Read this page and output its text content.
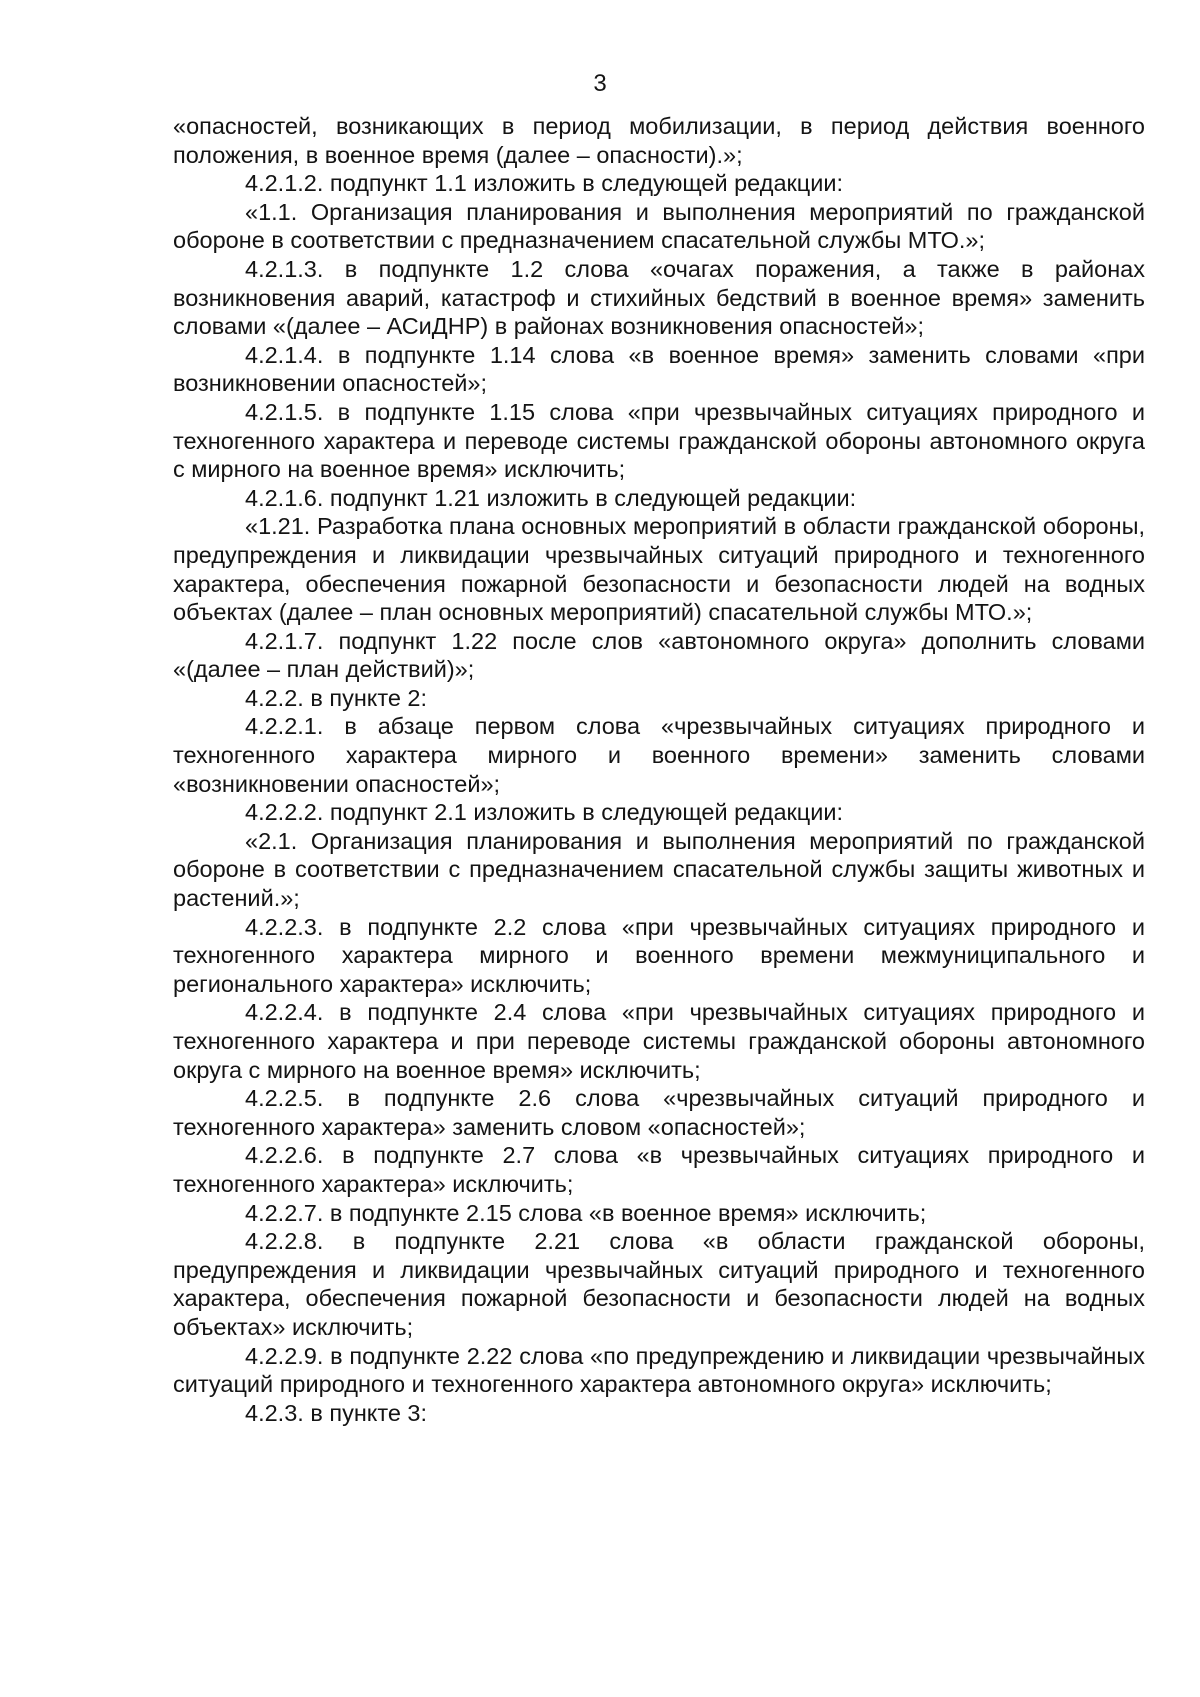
3

«опасностей, возникающих в период мобилизации, в период действия военного положения, в военное время (далее – опасности).»;

4.2.1.2. подпункт 1.1 изложить в следующей редакции:

«1.1. Организация планирования и выполнения мероприятий по гражданской обороне в соответствии с предназначением спасательной службы МТО.»;

4.2.1.3. в подпункте 1.2 слова «очагах поражения, а также в районах возникновения аварий, катастроф и стихийных бедствий в военное время» заменить словами «(далее – АСиДНР) в районах возникновения опасностей»;

4.2.1.4. в подпункте 1.14 слова «в военное время» заменить словами «при возникновении опасностей»;

4.2.1.5. в подпункте 1.15 слова «при чрезвычайных ситуациях природного и техногенного характера и переводе системы гражданской обороны автономного округа с мирного на военное время» исключить;

4.2.1.6. подпункт 1.21 изложить в следующей редакции:

«1.21. Разработка плана основных мероприятий в области гражданской обороны, предупреждения и ликвидации чрезвычайных ситуаций природного и техногенного характера, обеспечения пожарной безопасности и безопасности людей на водных объектах (далее – план основных мероприятий) спасательной службы МТО.»;

4.2.1.7. подпункт 1.22 после слов «автономного округа» дополнить словами «(далее – план действий)»;

4.2.2. в пункте 2:

4.2.2.1. в абзаце первом слова «чрезвычайных ситуациях природного и техногенного характера мирного и военного времени» заменить словами «возникновении опасностей»;

4.2.2.2. подпункт 2.1 изложить в следующей редакции:

«2.1. Организация планирования и выполнения мероприятий по гражданской обороне в соответствии с предназначением спасательной службы защиты животных и растений.»;

4.2.2.3. в подпункте 2.2 слова «при чрезвычайных ситуациях природного и техногенного характера мирного и военного времени межмуниципального и регионального характера» исключить;

4.2.2.4. в подпункте 2.4 слова «при чрезвычайных ситуациях природного и техногенного характера и при переводе системы гражданской обороны автономного округа с мирного на военное время» исключить;

4.2.2.5. в подпункте 2.6 слова «чрезвычайных ситуаций природного и техногенного характера» заменить словом «опасностей»;

4.2.2.6. в подпункте 2.7 слова «в чрезвычайных ситуациях природного и техногенного характера» исключить;

4.2.2.7. в подпункте 2.15 слова «в военное время» исключить;

4.2.2.8. в подпункте 2.21 слова «в области гражданской обороны, предупреждения и ликвидации чрезвычайных ситуаций природного и техногенного характера, обеспечения пожарной безопасности и безопасности людей на водных объектах» исключить;

4.2.2.9. в подпункте 2.22 слова «по предупреждению и ликвидации чрезвычайных ситуаций природного и техногенного характера автономного округа» исключить;

4.2.3. в пункте 3:
